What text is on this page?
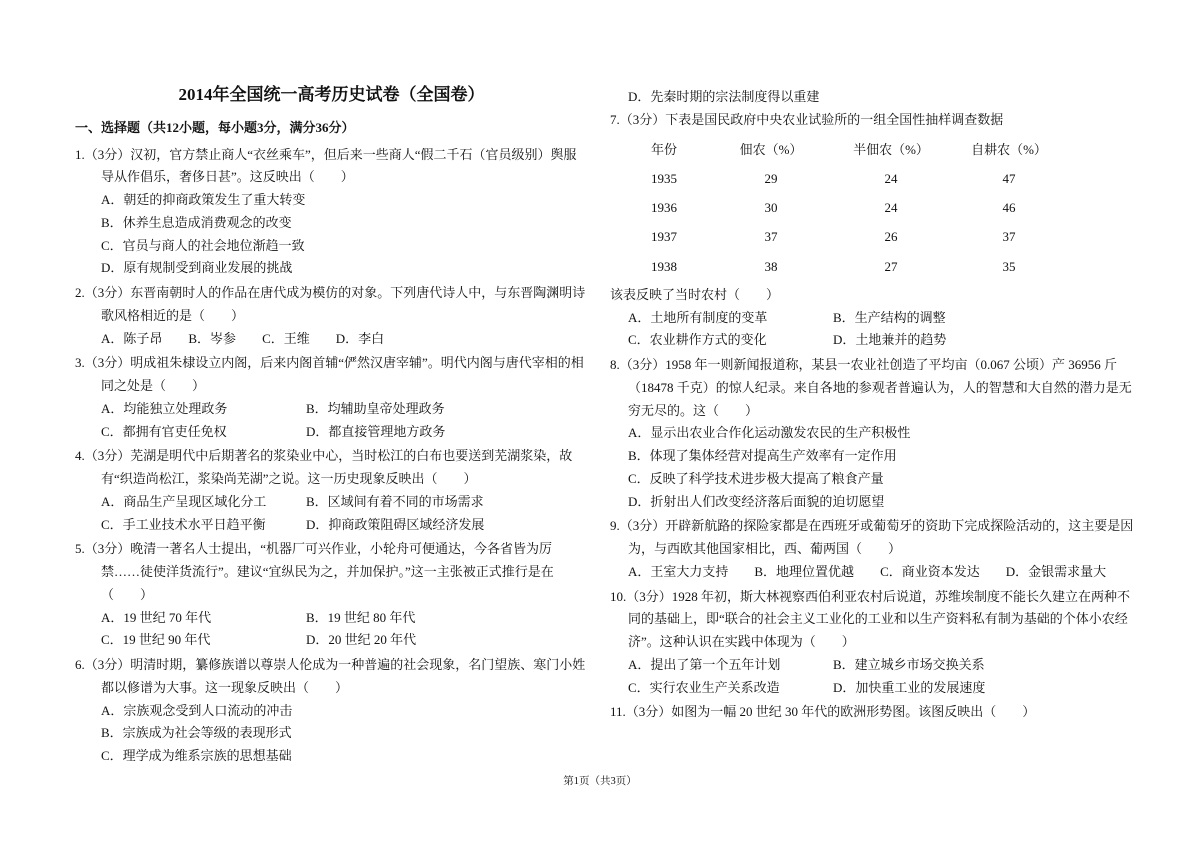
2014年全国统一高考历史试卷（全国卷）
一、选择题（共12小题，每小题3分，满分36分）
1.（3分）汉初，官方禁止商人“衣丝乘车”，但后来一些商人“假二千石（官员级别）舆服导从作倡乐，奢侈日甚”。这反映出（　　）
A．朝廷的抑商政策发生了重大转变
B．休养生息造成消费观念的改变
C．官员与商人的社会地位渐趋一致
D．原有规制受到商业发展的挑战
2.（3分）东晋南朝时人的作品在唐代成为模仿的对象。下列唐代诗人中，与东晋陶渊明诗歌风格相近的是（　　）
A．陈子昂 B．岑参 C．王维 D．李白
3.（3分）明成祖朱棣设立内阁，后来内阁首辅“俨然汉唐宰辅”。明代内阁与唐代宰相的相同之处是（　　）
A．均能独立处理政务	B．均辅助皇帝处理政务
C．都拥有官吏任免权	D．都直接管理地方政务
4.（3分）芜湖是明代中后期著名的浆染业中心，当时松江的白布也要送到芜湖浆染，故有“织造尚松江，浆染尚芜湖”之说。这一历史现象反映出（　　）
A．商品生产呈现区域化分工	B．区域间有着不同的市场需求
C．手工业技术水平日趋平衡	D．抑商政策阻碍区域经济发展
5.（3分）晚清一著名人士提出，“机器厂可兴作业，小轮舟可便通达，今各省皆为厉禁……徒使洋货流行”。建议“宜纵民为之，并加保护。”这一主张被正式推行是在（　　）
A．19 世纪 70 年代	B．19 世纪 80 年代
C．19 世纪 90 年代	D．20 世纪 20 年代
6.（3分）明清时期，纂修族谱以尊崇人伦成为一种普遍的社会现象，名门望族、寒门小姓都以修谱为大事。这一现象反映出（　　）
A．宗族观念受到人口流动的冲击
B．宗族成为社会等级的表现形式
C．理学成为维系宗族的思想基础
D．先秦时期的宗法制度得以重建
7.（3分）下表是国民政府中央农业试验所的一组全国性抽样调查数据
年份	佃农（%）	半佃农（%）	自耕农（%）
1935	29	24	47
1936	30	24	46
1937	37	26	37
1938	38	27	35
该表反映了当时农村（　　）
A．土地所有制度的变革	B．生产结构的调整
C．农业耕作方式的变化	D．土地兼并的趋势
8.（3分）1958 年一则新闻报道称，某县一农业社创造了平均亩（0.067 公顷）产 36956 斤（18478 千克）的惊人纪录。来自各地的参观者普遍认为，人的智慧和大自然的潜力是无穷无尽的。这（　　）
A．显示出农业合作化运动激发农民的生产积极性
B．体现了集体经营对提高生产效率有一定作用
C．反映了科学技术进步极大提高了粮食产量
D．折射出人们改变经济落后面貌的迫切愿望
9.（3分）开辟新航路的探险家都是在西班牙或葡萄牙的资助下完成探险活动的，这主要是因为，与西欧其他国家相比，西、葡两国（　　）
A．王室大力支持 B．地理位置优越 C．商业资本发达 D．金银需求量大
10.（3分）1928 年初，斯大林视察西伯利亚农村后说道，苏维埃制度不能长久建立在两种不同的基础上，即“联合的社会主义工业化的工业和以生产资料私有制为基础的个体小农经济”。这种认识在实践中体现为（　　）
A．提出了第一个五年计划	B．建立城乡市场交换关系
C．实行农业生产关系改造	D．加快重工业的发展速度
11.（3分）如图为一幅 20 世纪 30 年代的欧洲形势图。该图反映出（　　）
第1页（共3页）
